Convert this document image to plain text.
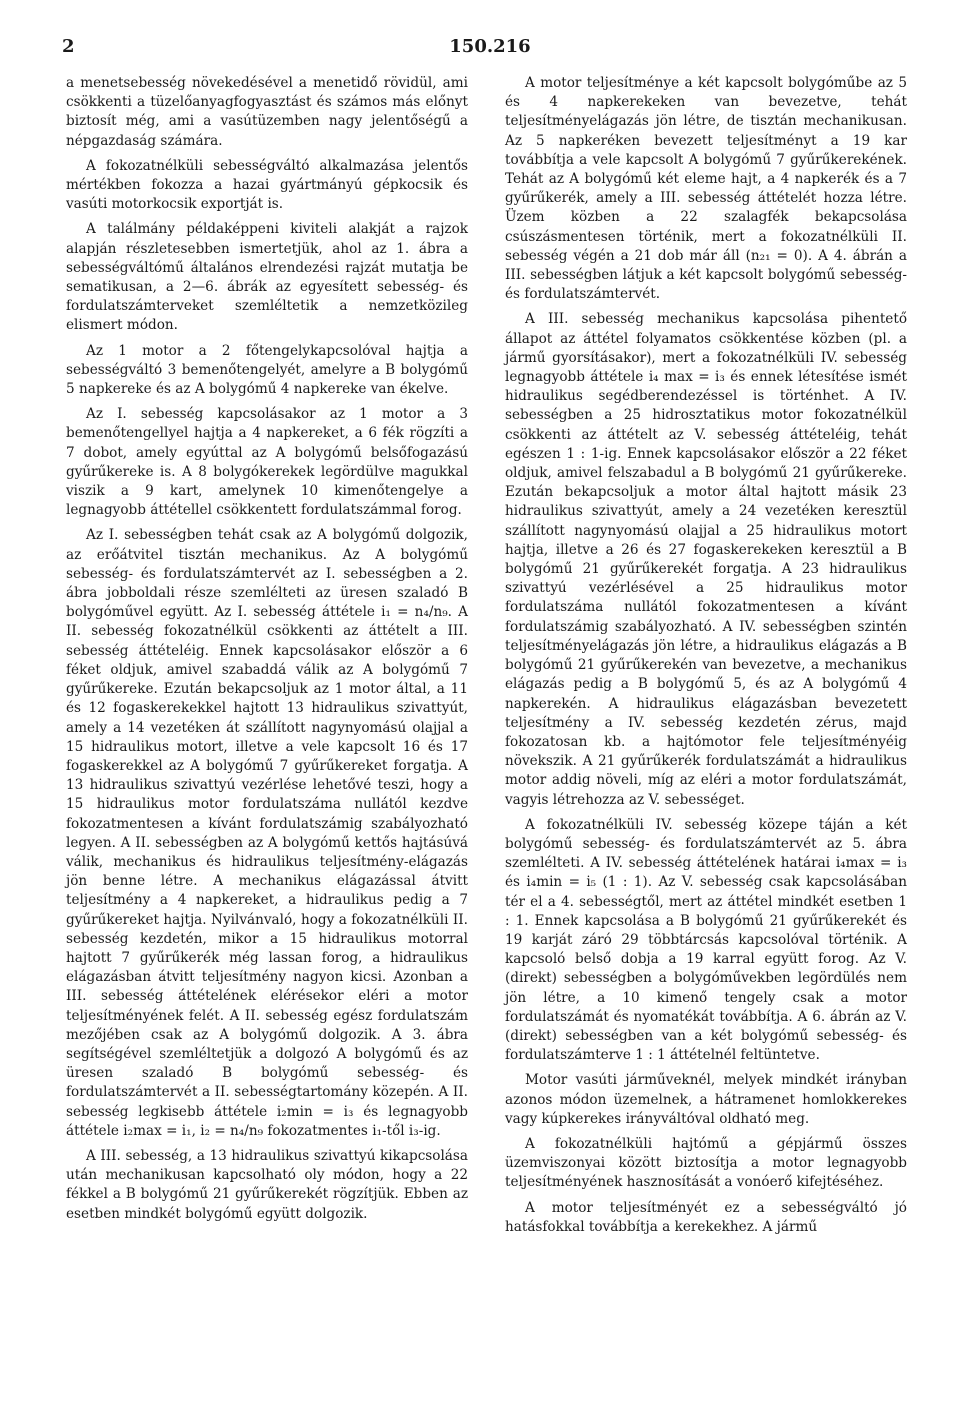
2	150.216

a menetsebesség növekedésével a menetidő rövidül, ami csökkenti a tüzelőanyagfogyasztást és számos más előnyt biztosít még, ami a vasútüzemben nagy jelentőségű a népgazdaság számára.

A fokozatnélküli sebességváltó alkalmazása jelentős mértékben fokozza a hazai gyártmányú gépkocsik és vasúti motorkocsik exportját is.

A találmány példaképpeni kiviteli alakját a rajzok alapján részletesebben ismertetjük, ahol az 1. ábra a sebességváltómű általános elrendezési rajzát mutatja be sematikusan, a 2—6. ábrák az egyesített sebesség- és fordulatszámterveket szemléltetik a nemzetközileg elismert módon.

Az 1 motor a 2 főtengelykapcsolóval hajtja a sebességváltó 3 bemenőtengelyét, amelyre a B bolygómű 5 napkereke és az A bolygómű 4 napkereke van ékelve.

Az I. sebesség kapcsolásakor az 1 motor a 3 bemenőtengellyel hajtja a 4 napkereket, a 6 fék rögzíti a 7 dobot, amely egyúttal az A bolygómű belsőfogazású gyűrűkereke is. A 8 bolygókerekek legördülve magukkal viszik a 9 kart, amelynek 10 kimenőtengelye a legnagyobb áttétellel csökkentett fordulatszámmal forog.

Az I. sebességben tehát csak az A bolygómű dolgozik, az erőátvitel tisztán mechanikus. Az A bolygómű sebesség- és fordulatszámtervét az I. sebességben a 2. ábra jobboldali része szemlélteti az üresen szaladó B bolygóművel együtt. Az I. sebesség áttétele i₁ = n₄/n₉. A II. sebesség fokozatnélkül csökkenti az áttételt a III. sebesség áttételéig. Ennek kapcsolásakor először a 6 féket oldjuk, amivel szabaddá válik az A bolygómű 7 gyűrűkereke. Ezután bekapcsoljuk az 1 motor által, a 11 és 12 fogaskerekekkel hajtott 13 hidraulikus szivattyút, amely a 14 vezetéken át szállított nagynyomású olajjal a 15 hidraulikus motort, illetve a vele kapcsolt 16 és 17 fogaskerekkel az A bolygómű 7 gyűrűkereket forgatja. A 13 hidraulikus szivattyú vezérlése lehetővé teszi, hogy a 15 hidraulikus motor fordulatszáma nullától kezdve fokozatmentesen a kívánt fordulatszámig szabályozható legyen. A II. sebességben az A bolygómű kettős hajtásúvá válik, mechanikus és hidraulikus teljesítmény-elágazás jön benne létre. A mechanikus elágazással átvitt teljesítmény a 4 napkereket, a hidraulikus pedig a 7 gyűrűkereket hajtja. Nyilvánvaló, hogy a fokozatnélküli II. sebesség kezdetén, mikor a 15 hidraulikus motorral hajtott 7 gyűrűkerék még lassan forog, a hidraulikus elágazásban átvitt teljesítmény nagyon kicsi. Azonban a III. sebesség áttételének elérésekor eléri a motor teljesítményének felét. A II. sebesség egész fordulatszám mezőjében csak az A bolygómű dolgozik. A 3. ábra segítségével szemléltetjük a dolgozó A bolygómű és az üresen szaladó B bolygómű sebesség- és fordulatszámtervét a II. sebességtartomány közepén. A II. sebesség legkisebb áttétele i₂min = i₃ és legnagyobb áttétele i₂max = i₁, i₂ = n₄/n₉ fokozatmentes i₁-től i₃-ig.

A III. sebesség, a 13 hidraulikus szivattyú kikapcsolása után mechanikusan kapcsolható oly módon, hogy a 22 fékkel a B bolygómű 21 gyűrűkerekét rögzítjük. Ebben az esetben mindkét bolygómű együtt dolgozik.

A motor teljesítménye a két kapcsolt bolygóműbe az 5 és 4 napkerekeken van bevezetve, tehát teljesítményelágazás jön létre, de tisztán mechanikusan. Az 5 napkeréken bevezett teljesítményt a 19 kar továbbítja a vele kapcsolt A bolygómű 7 gyűrűkerekének. Tehát az A bolygómű két eleme hajt, a 4 napkerék és a 7 gyűrűkerék, amely a III. sebesség áttételét hozza létre. Üzem közben a 22 szalagfék bekapcsolása csúszásmentesen történik, mert a fokozatnélküli II. sebesség végén a 21 dob már áll (n₂₁ = 0). A 4. ábrán a III. sebességben látjuk a két kapcsolt bolygómű sebesség- és fordulatszámtervét.

A III. sebesség mechanikus kapcsolása pihentető állapot az áttétel folyamatos csökkentése közben (pl. a jármű gyorsításakor), mert a fokozatnélküli IV. sebesség legnagyobb áttétele i₄ max = i₃ és ennek létesítése ismét hidraulikus segédberendezéssel is történhet. A IV. sebességben a 25 hidrosztatikus motor fokozatnélkül csökkenti az áttételt az V. sebesség áttételéig, tehát egészen 1 : 1-ig. Ennek kapcsolásakor először a 22 féket oldjuk, amivel felszabadul a B bolygómű 21 gyűrűkereke. Ezután bekapcsoljuk a motor által hajtott másik 23 hidraulikus szivattyút, amely a 24 vezetéken keresztül szállított nagynyomású olajjal a 25 hidraulikus motort hajtja, illetve a 26 és 27 fogaskerekeken keresztül a B bolygómű 21 gyűrűkerekét forgatja. A 23 hidraulikus szivattyú vezérlésével a 25 hidraulikus motor fordulatszáma nullától fokozatmentesen a kívánt fordulatszámig szabályozható. A IV. sebességben szintén teljesítményelágazás jön létre, a hidraulikus elágazás a B bolygómű 21 gyűrűkerekén van bevezetve, a mechanikus elágazás pedig a B bolygómű 5, és az A bolygómű 4 napkerekén. A hidraulikus elágazásban bevezetett teljesítmény a IV. sebesség kezdetén zérus, majd fokozatosan kb. a hajtómotor fele teljesítményéig növekszik. A 21 gyűrűkerék fordulatszámát a hidraulikus motor addig növeli, míg az eléri a motor fordulatszámát, vagyis létrehozza az V. sebességet.

A fokozatnélküli IV. sebesség közepe táján a két bolygómű sebesség- és fordulatszámtervét az 5. ábra szemlélteti. A IV. sebesség áttételének határai i₄max = i₃ és i₄min = i₅ (1 : 1). Az V. sebesség csak kapcsolásában tér el a 4. sebességtől, mert az áttétel mindkét esetben 1 : 1. Ennek kapcsolása a B bolygómű 21 gyűrűkerekét és 19 karját záró 29 többtárcsás kapcsolóval történik. A kapcsoló belső dobja a 19 karral együtt forog. Az V. (direkt) sebességben a bolygóművekben legördülés nem jön létre, a 10 kimenő tengely csak a motor fordulatszámát és nyomatékát továbbítja. A 6. ábrán az V. (direkt) sebességben van a két bolygómű sebesség- és fordulatszámterve 1 : 1 áttételnél feltüntetve.

Motor vasúti járműveknél, melyek mindkét irányban azonos módon üzemelnek, a hátramenet homlokkerekes vagy kúpkerekes irányváltóval oldható meg.

A fokozatnélküli hajtómű a gépjármű összes üzemviszonyai között biztosítja a motor legnagyobb teljesítményének hasznosítását a vonóerő kifejtéséhez.

A motor teljesítményét ez a sebességváltó jó hatásfokkal továbbítja a kerekekhez. A jármű
